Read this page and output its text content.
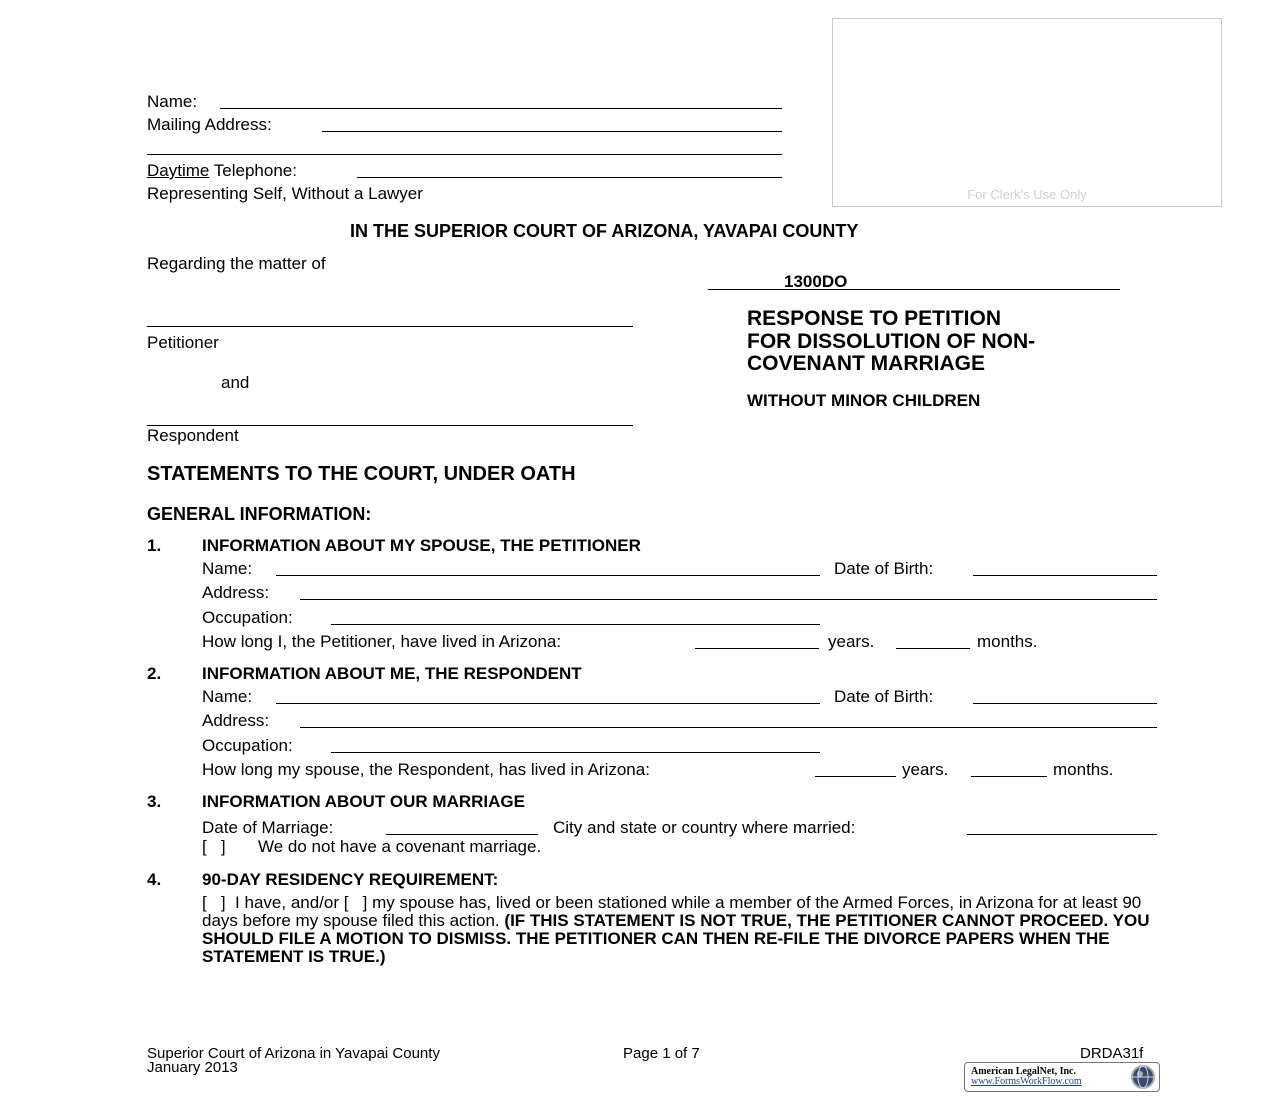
For Clerk's Use Only
Name:
Mailing Address:
Daytime Telephone:
Representing Self, Without a Lawyer
IN THE SUPERIOR COURT OF ARIZONA, YAVAPAI COUNTY
Regarding the matter of
1300DO
Petitioner
and
Respondent
RESPONSE TO PETITION
FOR DISSOLUTION OF NON-
COVENANT MARRIAGE
WITHOUT MINOR CHILDREN
STATEMENTS TO THE COURT, UNDER OATH
GENERAL INFORMATION:
1. INFORMATION ABOUT MY SPOUSE, THE PETITIONER
Name:	Date of Birth:
Address:
Occupation:
How long I, the Petitioner, have lived in Arizona:	years.	months.
2. INFORMATION ABOUT ME, THE RESPONDENT
Name:	Date of Birth:
Address:
Occupation:
How long my spouse, the Respondent, has lived in Arizona:	years.	months.
3. INFORMATION ABOUT OUR MARRIAGE
Date of Marriage:	City and state or country where married:
[   ] We do not have a covenant marriage.
4. 90-DAY RESIDENCY REQUIREMENT:
[   ]  I have, and/or [   ] my spouse has, lived or been stationed while a member of the Armed Forces, in Arizona for at least 90 days before my spouse filed this action. (IF THIS STATEMENT IS NOT TRUE, THE PETITIONER CANNOT PROCEED. YOU SHOULD FILE A MOTION TO DISMISS. THE PETITIONER CAN THEN RE-FILE THE DIVORCE PAPERS WHEN THE STATEMENT IS TRUE.)
Superior Court of Arizona in Yavapai County
January 2013
Page 1 of 7	DRDA31f
American LegalNet, Inc.
www.FormsWorkFlow.com
